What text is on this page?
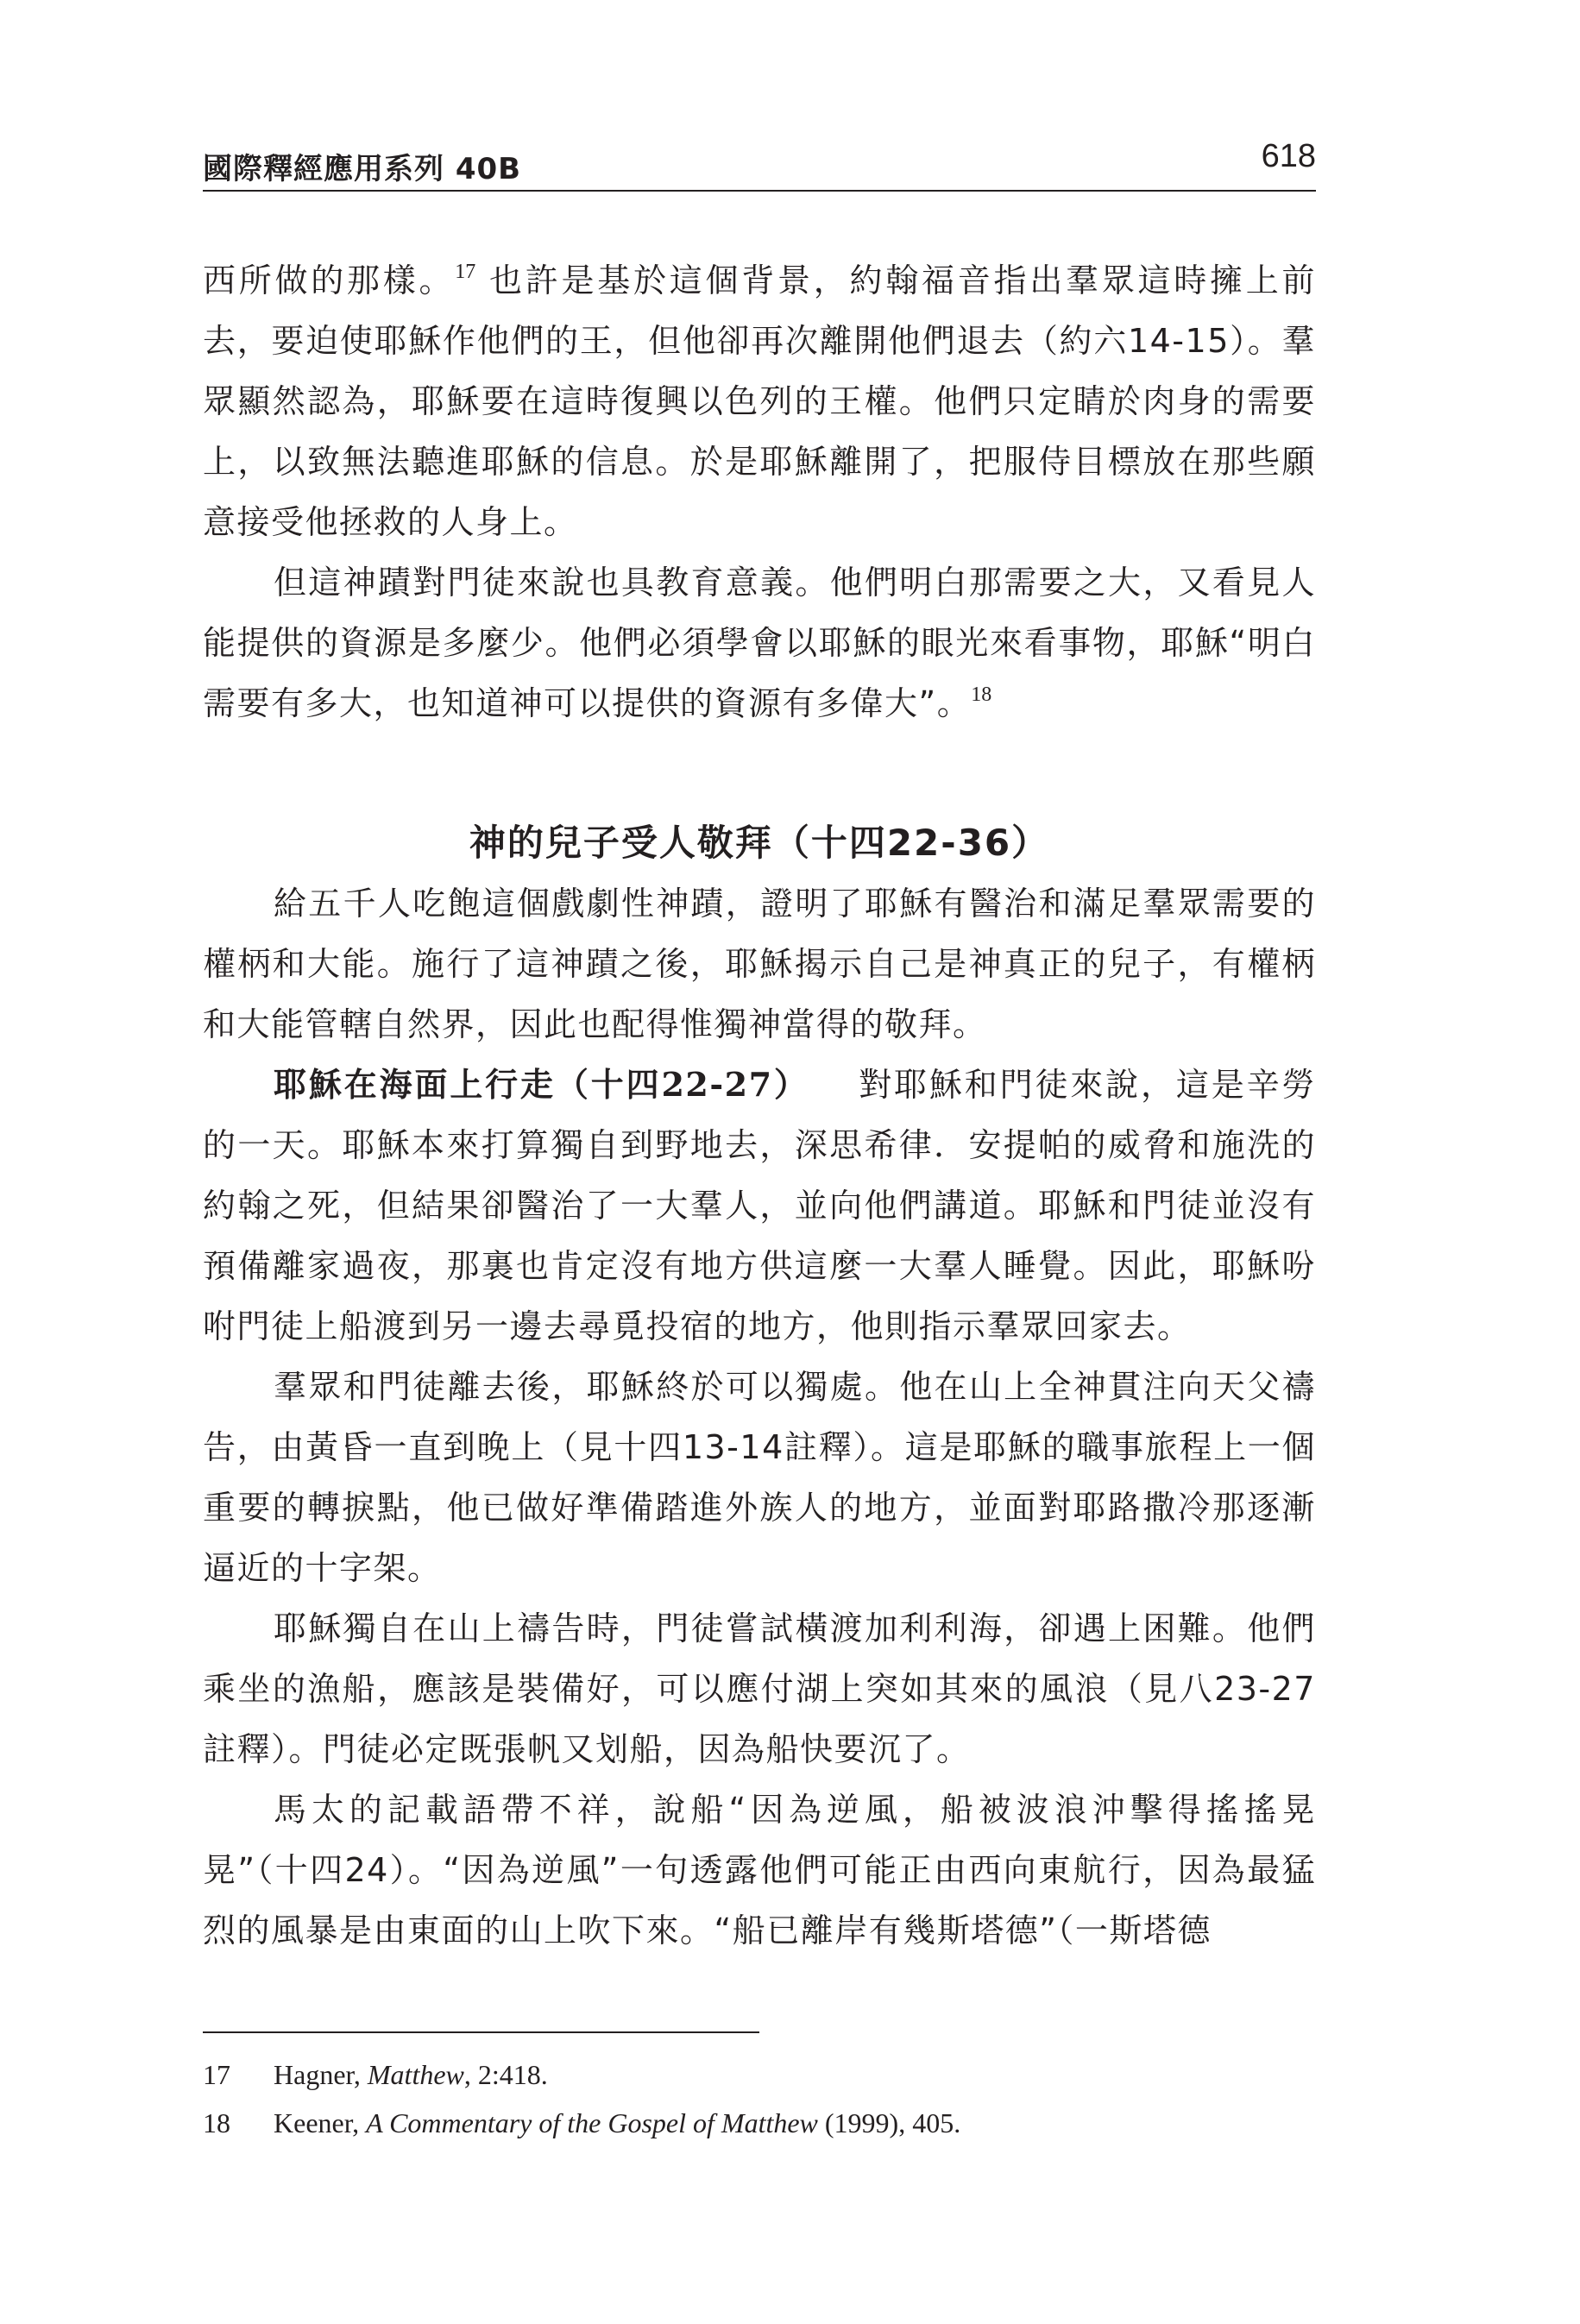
國際釋經應用系列 40B	618

西所做的那樣。$^{17}$ 也許是基於這個背景，約翰福音指出羣眾這時擁上前去，要迫使耶穌作他們的王，但他卻再次離開他們退去（約六14-15）。羣眾顯然認為，耶穌要在這時復興以色列的王權。他們只定睛於肉身的需要上，以致無法聽進耶穌的信息。於是耶穌離開了，把服侍目標放在那些願意接受他拯救的人身上。

但這神蹟對門徒來說也具教育意義。他們明白那需要之大，又看見人能提供的資源是多麼少。他們必須學會以耶穌的眼光來看事物，耶穌“明白需要有多大，也知道神可以提供的資源有多偉大”。$^{18}$

神的兒子受人敬拜（十四22-36）

給五千人吃飽這個戲劇性神蹟，證明了耶穌有醫治和滿足羣眾需要的權柄和大能。施行了這神蹟之後，耶穌揭示自己是神真正的兒子，有權柄和大能管轄自然界，因此也配得惟獨神當得的敬拜。

耶穌在海面上行走（十四22-27） 對耶穌和門徒來說，這是辛勞的一天。耶穌本來打算獨自到野地去，深思希律．安提帕的威脅和施洗的約翰之死，但結果卻醫治了一大羣人，並向他們講道。耶穌和門徒並沒有預備離家過夜，那裏也肯定沒有地方供這麼一大羣人睡覺。因此，耶穌吩咐門徒上船渡到另一邊去尋覓投宿的地方，他則指示羣眾回家去。

羣眾和門徒離去後，耶穌終於可以獨處。他在山上全神貫注向天父禱告，由黃昏一直到晚上（見十四13-14註釋）。這是耶穌的職事旅程上一個重要的轉捩點，他已做好準備踏進外族人的地方，並面對耶路撒冷那逐漸逼近的十字架。

耶穌獨自在山上禱告時，門徒嘗試橫渡加利利海，卻遇上困難。他們乘坐的漁船，應該是裝備好，可以應付湖上突如其來的風浪（見八23-27註釋）。門徒必定既張帆又划船，因為船快要沉了。

馬太的記載語帶不祥，說船“因為逆風，船被波浪沖擊得搖搖晃晃”（十四24）。“因為逆風”一句透露他們可能正由西向東航行，因為最猛烈的風暴是由東面的山上吹下來。“船已離岸有幾斯塔德”（一斯塔德

17 Hagner, Matthew, 2:418.
18 Keener, A Commentary of the Gospel of Matthew (1999), 405.
